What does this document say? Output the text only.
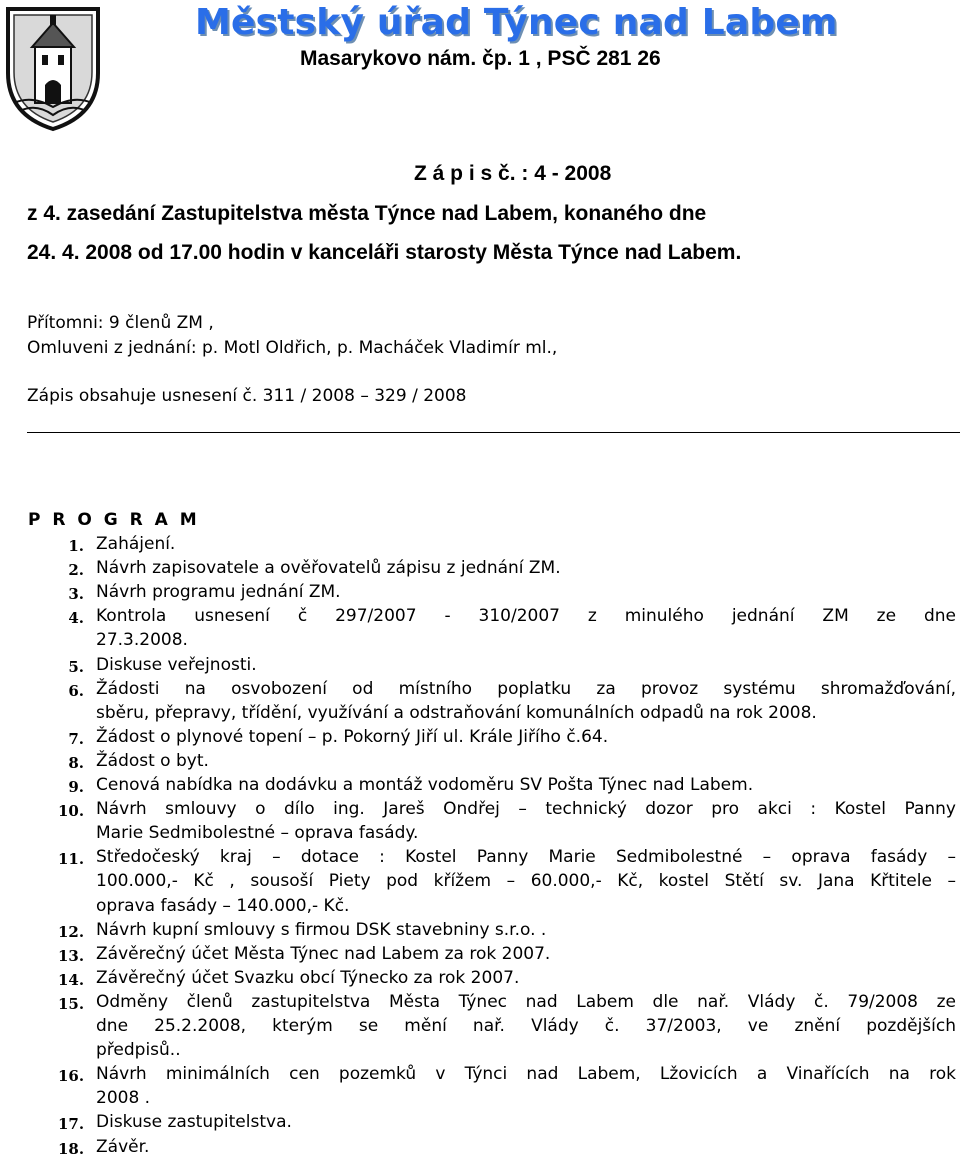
Městský úřad Týnec nad Labem
Masarykovo nám. čp. 1 , PSČ 281 26
Z á p i s č. : 4 - 2008
z 4. zasedání Zastupitelstva města Týnce nad Labem, konaného dne
24. 4. 2008 od 17.00 hodin v kanceláři starosty Města Týnce nad Labem.
Přítomni: 9 členů ZM ,
Omluveni z jednání: p. Motl Oldřich, p. Macháček Vladimír ml.,
Zápis obsahuje usnesení č. 311 / 2008 – 329 / 2008
P R O G R A M
1. Zahájení.
2. Návrh zapisovatele a ověřovatelů zápisu z jednání ZM.
3. Návrh programu jednání ZM.
4. Kontrola usnesení č 297/2007 - 310/2007 z minulého jednání ZM ze dne
27.3.2008.
5. Diskuse veřejnosti.
6. Žádosti na osvobození od místního poplatku za provoz systému shromažďování,
sběru, přepravy, třídění, využívání a odstraňování komunálních odpadů na rok 2008.
7. Žádost o plynové topení – p. Pokorný Jiří ul. Krále Jiřího č.64.
8. Žádost o byt.
9. Cenová nabídka na dodávku a montáž vodoměru SV Pošta Týnec nad Labem.
10. Návrh smlouvy o dílo ing. Jareš Ondřej – technický dozor pro akci : Kostel Panny
Marie Sedmibolestné – oprava fasády.
11. Středočeský kraj – dotace : Kostel Panny Marie Sedmibolestné – oprava fasády –
100.000,- Kč , sousoší Piety pod křížem – 60.000,- Kč, kostel Stětí sv. Jana Křtitele –
oprava fasády – 140.000,- Kč.
12. Návrh kupní smlouvy s firmou DSK stavebniny s.r.o. .
13. Závěrečný účet Města Týnec nad Labem za rok 2007.
14. Závěrečný účet Svazku obcí Týnecko za rok 2007.
15. Odměny členů zastupitelstva Města Týnec nad Labem dle nař. Vlády č. 79/2008 ze
dne 25.2.2008, kterým se mění nař. Vlády č. 37/2003, ve znění pozdějších
předpisů..
16. Návrh minimálních cen pozemků v Týnci nad Labem, Lžovicích a Vinařících na rok
2008 .
17. Diskuse zastupitelstva.
18. Závěr.
